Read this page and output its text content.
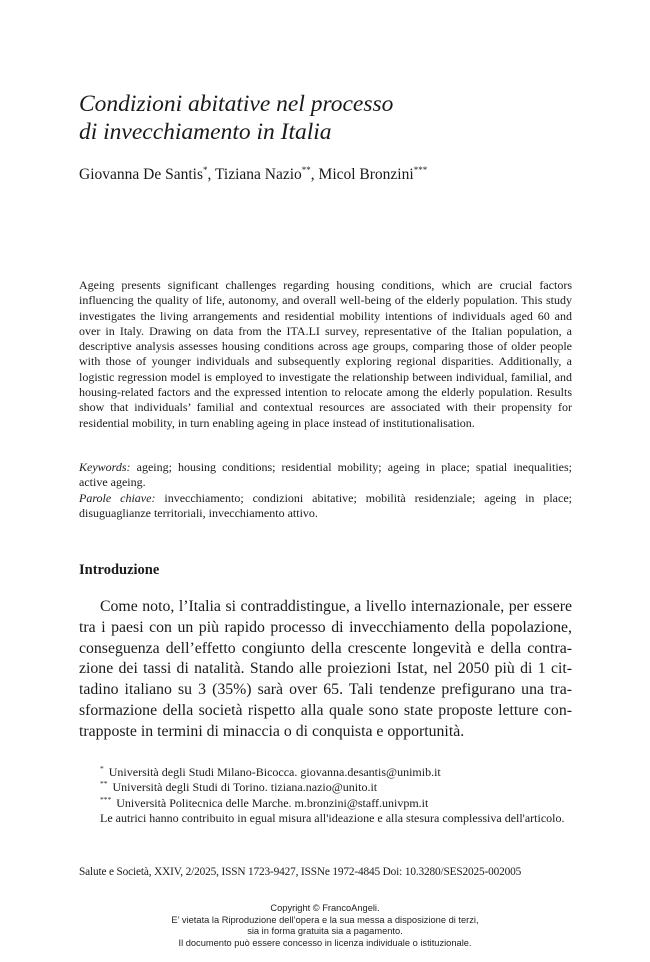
Condizioni abitative nel processo
di invecchiamento in Italia
Giovanna De Santis*, Tiziana Nazio**, Micol Bronzini***

Ageing presents significant challenges regarding housing conditions, which are crucial factors influencing the quality of life, autonomy, and overall well-being of the elderly population. This study investigates the living arrangements and residential mobility intentions of individuals aged 60 and over in Italy. Drawing on data from the ITA.LI survey, representative of the Italian population, a descriptive analysis assesses housing conditions across age groups, comparing those of older people with those of younger individuals and subsequently exploring regional disparities. Additionally, a logistic regression model is employed to investigate the relationship between individual, familial, and housing-related factors and the expressed intention to relocate among the elderly population. Results show that individuals’ familial and contextual resources are associated with their propensity for residential mobility, in turn enabling ageing in place instead of institutionalisation.

Keywords: ageing; housing conditions; residential mobility; ageing in place; spatial inequalities; active ageing.

Parole chiave: invecchiamento; condizioni abitative; mobilità residenziale; ageing in place; disuguaglianze territoriali, invecchiamento attivo.

Introduzione

Come noto, l’Italia si contraddistingue, a livello internazionale, per essere tra i paesi con un più rapido processo di invecchiamento della popolazione, conseguenza dell’effetto congiunto della crescente longevità e della contrazione dei tassi di natalità. Stando alle proiezioni Istat, nel 2050 più di 1 cittadino italiano su 3 (35%) sarà over 65. Tali tendenze prefigurano una trasformazione della società rispetto alla quale sono state proposte letture contrapposte in termini di minaccia o di conquista e opportunità.

* Università degli Studi Milano-Bicocca. giovanna.desantis@unimib.it

** Università degli Studi di Torino. tiziana.nazio@unito.it

*** Università Politecnica delle Marche. m.bronzini@staff.univpm.it

Le autrici hanno contribuito in egual misura all'ideazione e alla stesura complessiva dell'articolo.

Salute e Società, XXIV, 2/2025, ISSN 1723-9427, ISSNe 1972-4845 Doi: 10.3280/SES2025-002005
Copyright © FrancoAngeli.
E’ vietata la Riproduzione dell’opera e la sua messa a disposizione di terzi,
sia in forma gratuita sia a pagamento.
Il documento può essere concesso in licenza individuale o istituzionale.
